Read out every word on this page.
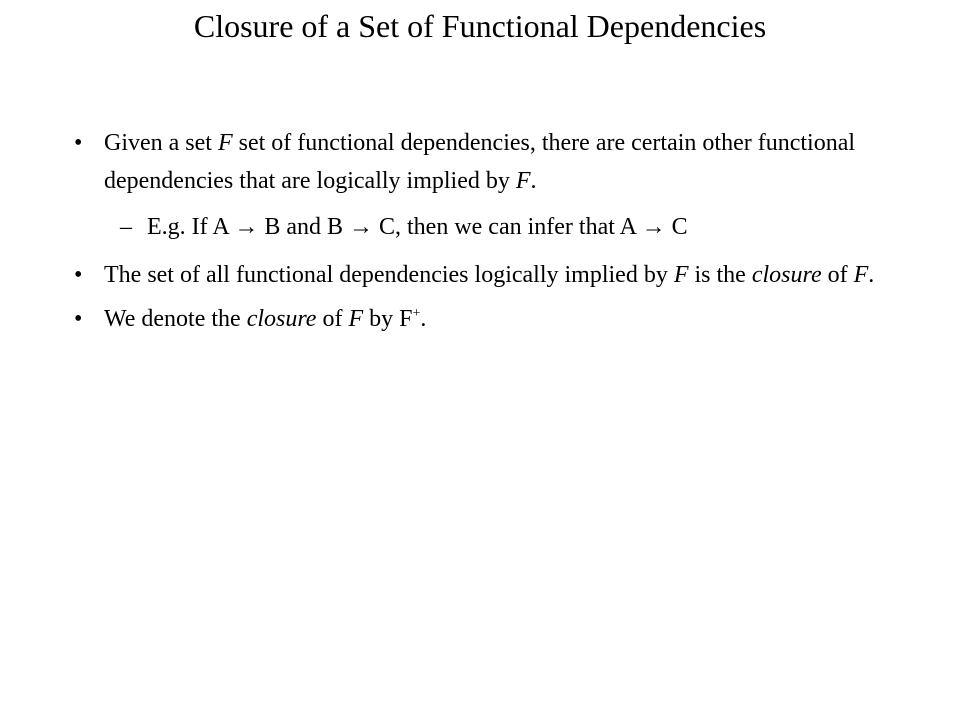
Closure of a Set of Functional Dependencies
• Given a set F set of functional dependencies, there are certain other functional dependencies that are logically implied by F.
– E.g. If A → B and B → C, then we can infer that A → C
• The set of all functional dependencies logically implied by F is the closure of F.
• We denote the closure of F by F+.
